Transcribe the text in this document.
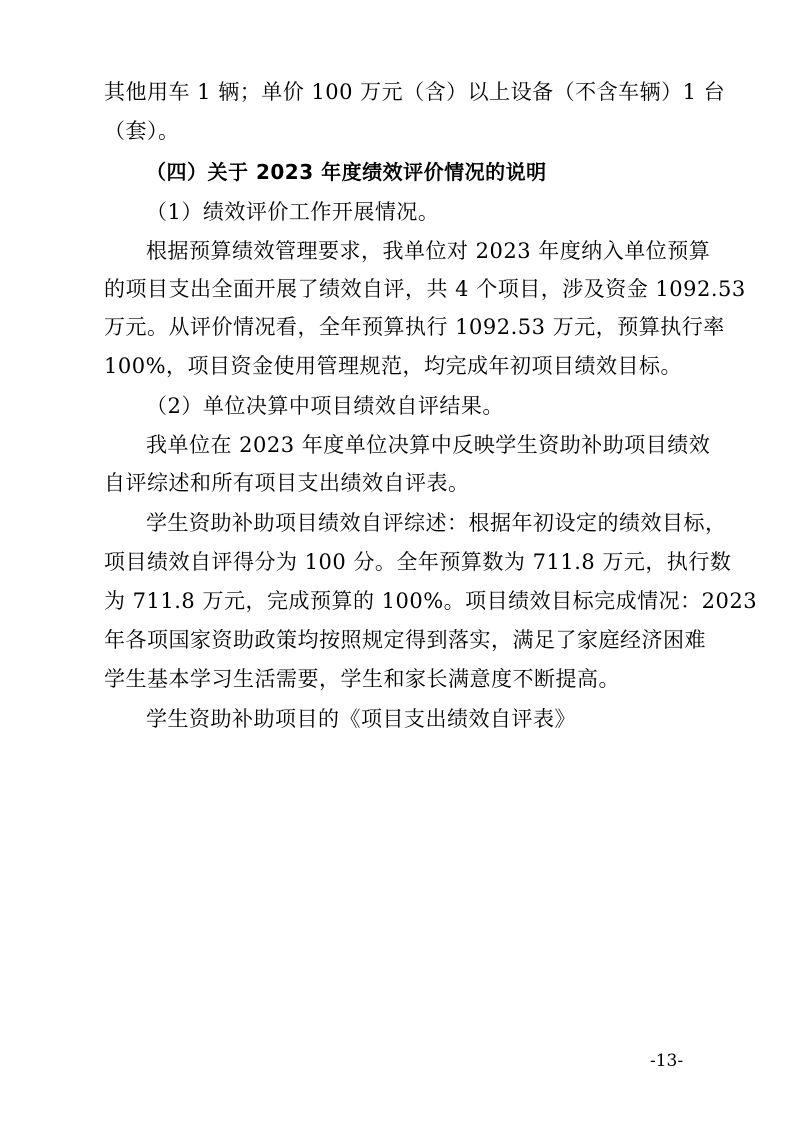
其他用车 1 辆；单价 100 万元（含）以上设备（不含车辆）1 台
（套）。
（四）关于 2023 年度绩效评价情况的说明
（1）绩效评价工作开展情况。
根据预算绩效管理要求，我单位对 2023 年度纳入单位预算
的项目支出全面开展了绩效自评，共 4 个项目，涉及资金 1092.53
万元。从评价情况看，全年预算执行 1092.53 万元，预算执行率
100%，项目资金使用管理规范，均完成年初项目绩效目标。
（2）单位决算中项目绩效自评结果。
我单位在 2023 年度单位决算中反映学生资助补助项目绩效
自评综述和所有项目支出绩效自评表。
学生资助补助项目绩效自评综述：根据年初设定的绩效目标，
项目绩效自评得分为 100 分。全年预算数为 711.8 万元，执行数
为 711.8 万元，完成预算的 100%。项目绩效目标完成情况：2023
年各项国家资助政策均按照规定得到落实，满足了家庭经济困难
学生基本学习生活需要，学生和家长满意度不断提高。
学生资助补助项目的《项目支出绩效自评表》
-13-
